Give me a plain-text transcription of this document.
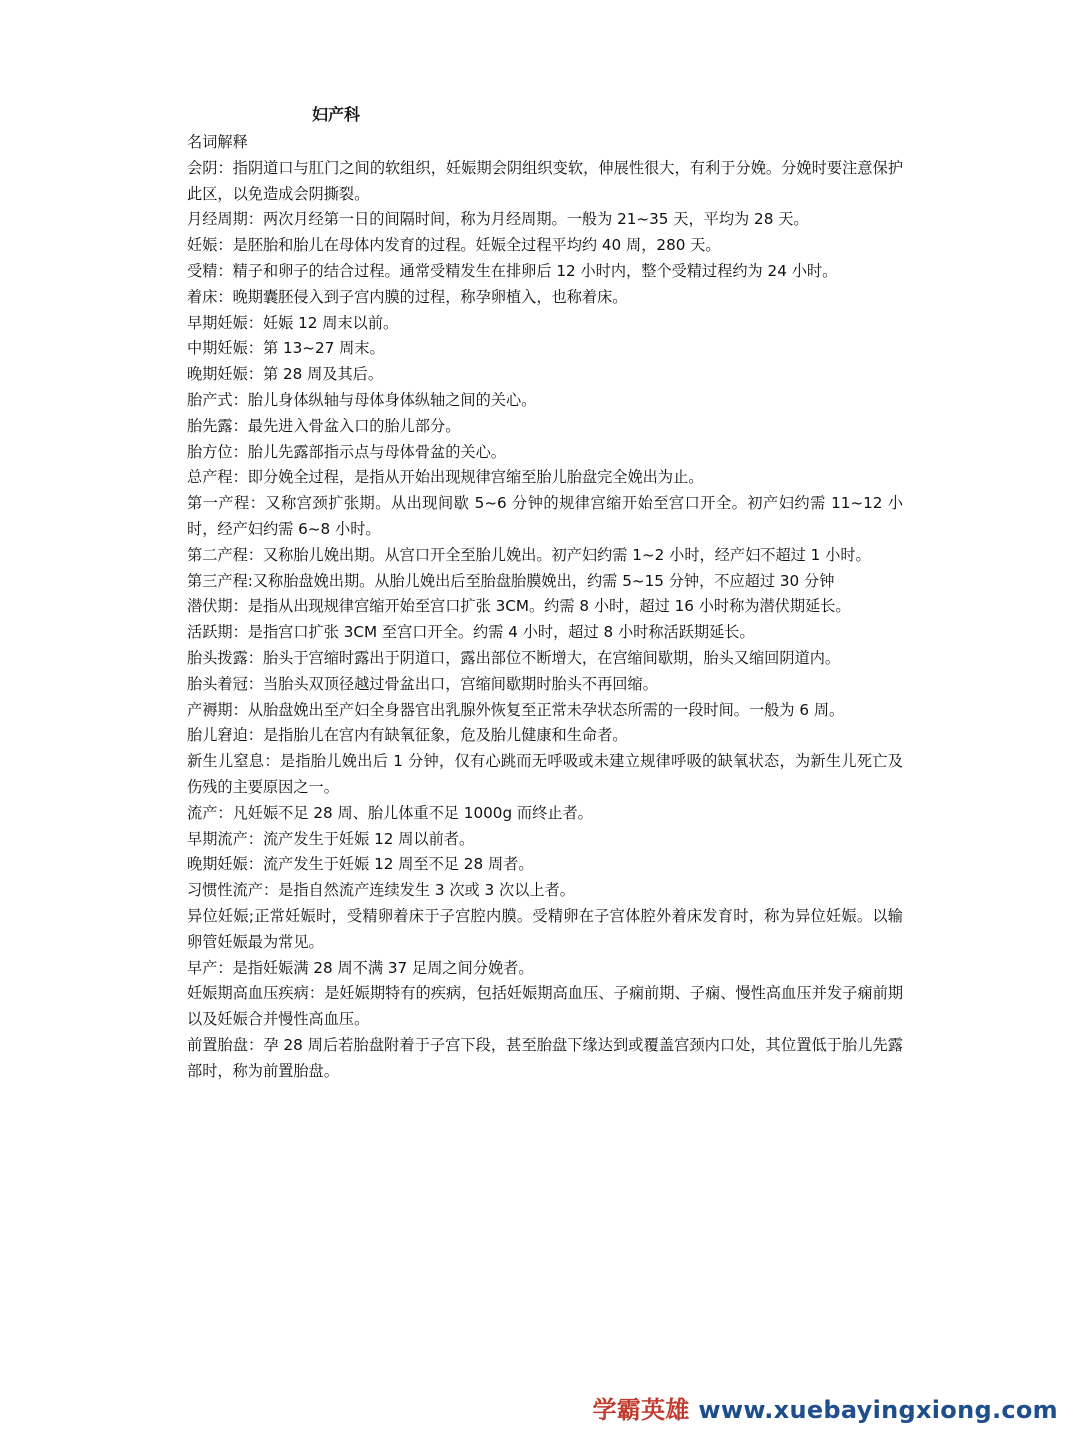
妇产科

名词解释

会阴：指阴道口与肛门之间的软组织，妊娠期会阴组织变软，伸展性很大，有利于分娩。分娩时要注意保护此区，以免造成会阴撕裂。

月经周期：两次月经第一日的间隔时间，称为月经周期。一般为 21~35 天，平均为 28 天。

妊娠：是胚胎和胎儿在母体内发育的过程。妊娠全过程平均约 40 周，280 天。

受精：精子和卵子的结合过程。通常受精发生在排卵后 12 小时内，整个受精过程约为 24 小时。

着床：晚期囊胚侵入到子宫内膜的过程，称孕卵植入，也称着床。

早期妊娠：妊娠 12 周末以前。

中期妊娠：第 13~27 周末。

晚期妊娠：第 28 周及其后。

胎产式：胎儿身体纵轴与母体身体纵轴之间的关心。

胎先露：最先进入骨盆入口的胎儿部分。

胎方位：胎儿先露部指示点与母体骨盆的关心。

总产程：即分娩全过程，是指从开始出现规律宫缩至胎儿胎盘完全娩出为止。

第一产程：又称宫颈扩张期。从出现间歇 5~6 分钟的规律宫缩开始至宫口开全。初产妇约需 11~12 小时，经产妇约需 6~8 小时。

第二产程：又称胎儿娩出期。从宫口开全至胎儿娩出。初产妇约需 1~2 小时，经产妇不超过 1 小时。

第三产程:又称胎盘娩出期。从胎儿娩出后至胎盘胎膜娩出，约需 5~15 分钟，不应超过 30 分钟

潜伏期：是指从出现规律宫缩开始至宫口扩张 3CM。约需 8 小时，超过 16 小时称为潜伏期延长。

活跃期：是指宫口扩张 3CM 至宫口开全。约需 4 小时，超过 8 小时称活跃期延长。

胎头拨露：胎头于宫缩时露出于阴道口，露出部位不断增大，在宫缩间歇期，胎头又缩回阴道内。

胎头着冠：当胎头双顶径越过骨盆出口，宫缩间歇期时胎头不再回缩。

产褥期：从胎盘娩出至产妇全身器官出乳腺外恢复至正常未孕状态所需的一段时间。一般为 6 周。

胎儿窘迫：是指胎儿在宫内有缺氧征象，危及胎儿健康和生命者。

新生儿窒息：是指胎儿娩出后 1 分钟，仅有心跳而无呼吸或未建立规律呼吸的缺氧状态，为新生儿死亡及伤残的主要原因之一。

流产：凡妊娠不足 28 周、胎儿体重不足 1000g 而终止者。

早期流产：流产发生于妊娠 12 周以前者。

晚期妊娠：流产发生于妊娠 12 周至不足 28 周者。

习惯性流产：是指自然流产连续发生 3 次或 3 次以上者。

异位妊娠;正常妊娠时，受精卵着床于子宫腔内膜。受精卵在子宫体腔外着床发育时，称为异位妊娠。以输卵管妊娠最为常见。

早产：是指妊娠满 28 周不满 37 足周之间分娩者。

妊娠期高血压疾病：是妊娠期特有的疾病，包括妊娠期高血压、子痫前期、子痫、慢性高血压并发子痫前期以及妊娠合并慢性高血压。

前置胎盘：孕 28 周后若胎盘附着于子宫下段，甚至胎盘下缘达到或覆盖宫颈内口处，其位置低于胎儿先露部时，称为前置胎盘。

学霸英雄 www.xuebayingxiong.com
